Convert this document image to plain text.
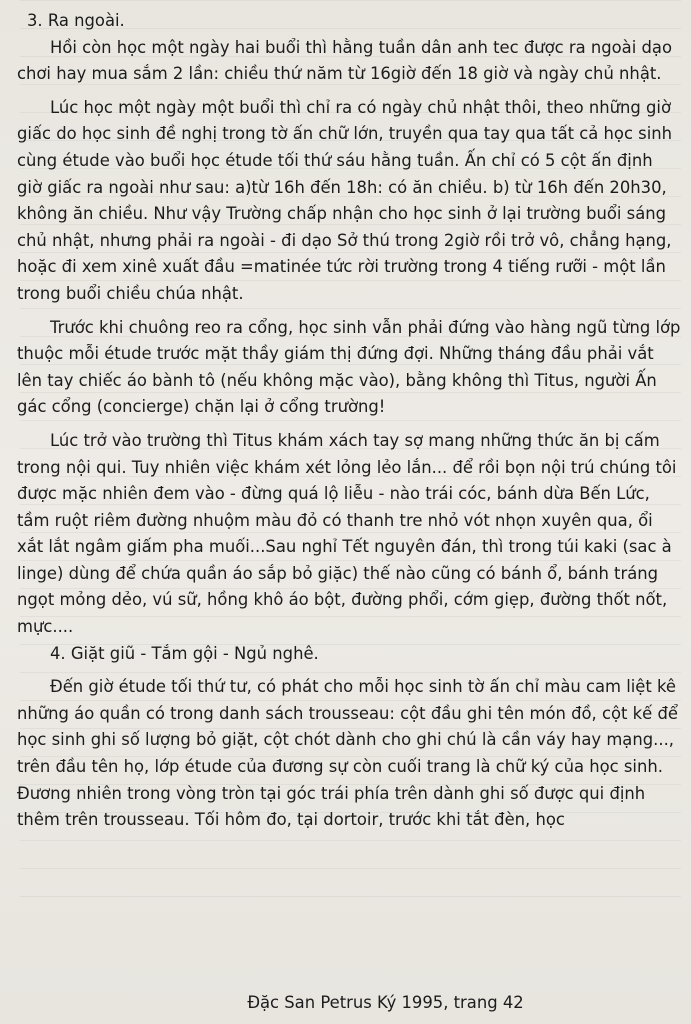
3. Ra ngoài.

Hồi còn học một ngày hai buổi thì hằng tuần dân anh tec được ra ngoài dạo chơi hay mua sắm 2 lần: chiều thứ năm từ 16giờ đến 18 giờ và ngày chủ nhật.

Lúc học một ngày một buổi thì chỉ ra có ngày chủ nhật thôi, theo những giờ giấc do học sinh đề nghị trong tờ ấn chữ lớn, truyền qua tay qua tất cả học sinh cùng étude vào buổi học étude tối thứ sáu hằng tuần. Ấn chỉ có 5 cột ấn định giờ giấc ra ngoài như sau: a)từ 16h đến 18h: có ăn chiều. b) từ 16h đến 20h30, không ăn chiều. Như vậy Trường chấp nhận cho học sinh ở lại trường buổi sáng chủ nhật, nhưng phải ra ngoài - đi dạo Sở thú trong 2giờ rồi trở vô, chẳng hạng, hoặc đi xem xinê xuất đầu =matinée tức rời trường trong 4 tiếng rưỡi - một lần trong buổi chiều chúa nhật.

Trước khi chuông reo ra cổng, học sinh vẫn phải đứng vào hàng ngũ từng lớp thuộc mỗi étude trước mặt thầy giám thị đứng đợi. Những tháng đầu phải vắt lên tay chiếc áo bành tô (nếu không mặc vào), bằng không thì Titus, người Ấn gác cổng (concierge) chặn lại ở cổng trường!

Lúc trở vào trường thì Titus khám xách tay sợ mang những thức ăn bị cấm trong nội qui. Tuy nhiên việc khám xét lỏng lẻo lắn... để rồi bọn nội trú chúng tôi được mặc nhiên đem vào - đừng quá lộ liễu - nào trái cóc, bánh dừa Bến Lức, tầm ruột riêm đường nhuộm màu đỏ có thanh tre nhỏ vót nhọn xuyên qua, ổi xắt lắt ngâm giấm pha muối...Sau nghỉ Tết nguyên đán, thì trong túi kaki (sac à linge) dùng để chứa quần áo sắp bỏ giặc) thế nào cũng có bánh ổ, bánh tráng ngọt mỏng dẻo, vú sữ, hồng khô áo bột, đường phổi, cớm giẹp, đường thốt nốt, mực....

4. Giặt giũ - Tắm gội - Ngủ nghê.

Đến giờ étude tối thứ tư, có phát cho mỗi học sinh tờ ấn chỉ màu cam liệt kê những áo quần có trong danh sách trousseau: cột đầu ghi tên món đồ, cột kế để học sinh ghi số lượng bỏ giặt, cột chót dành cho ghi chú là cần váy hay mạng..., trên đầu tên họ, lớp étude của đương sự còn cuối trang là chữ ký của học sinh.

Đương nhiên trong vòng tròn tại góc trái phía trên dành ghi số được qui định thêm trên trousseau. Tối hôm đo, tại dortoir, trước khi tắt đèn, học

Đặc San Petrus Ký 1995, trang 42
